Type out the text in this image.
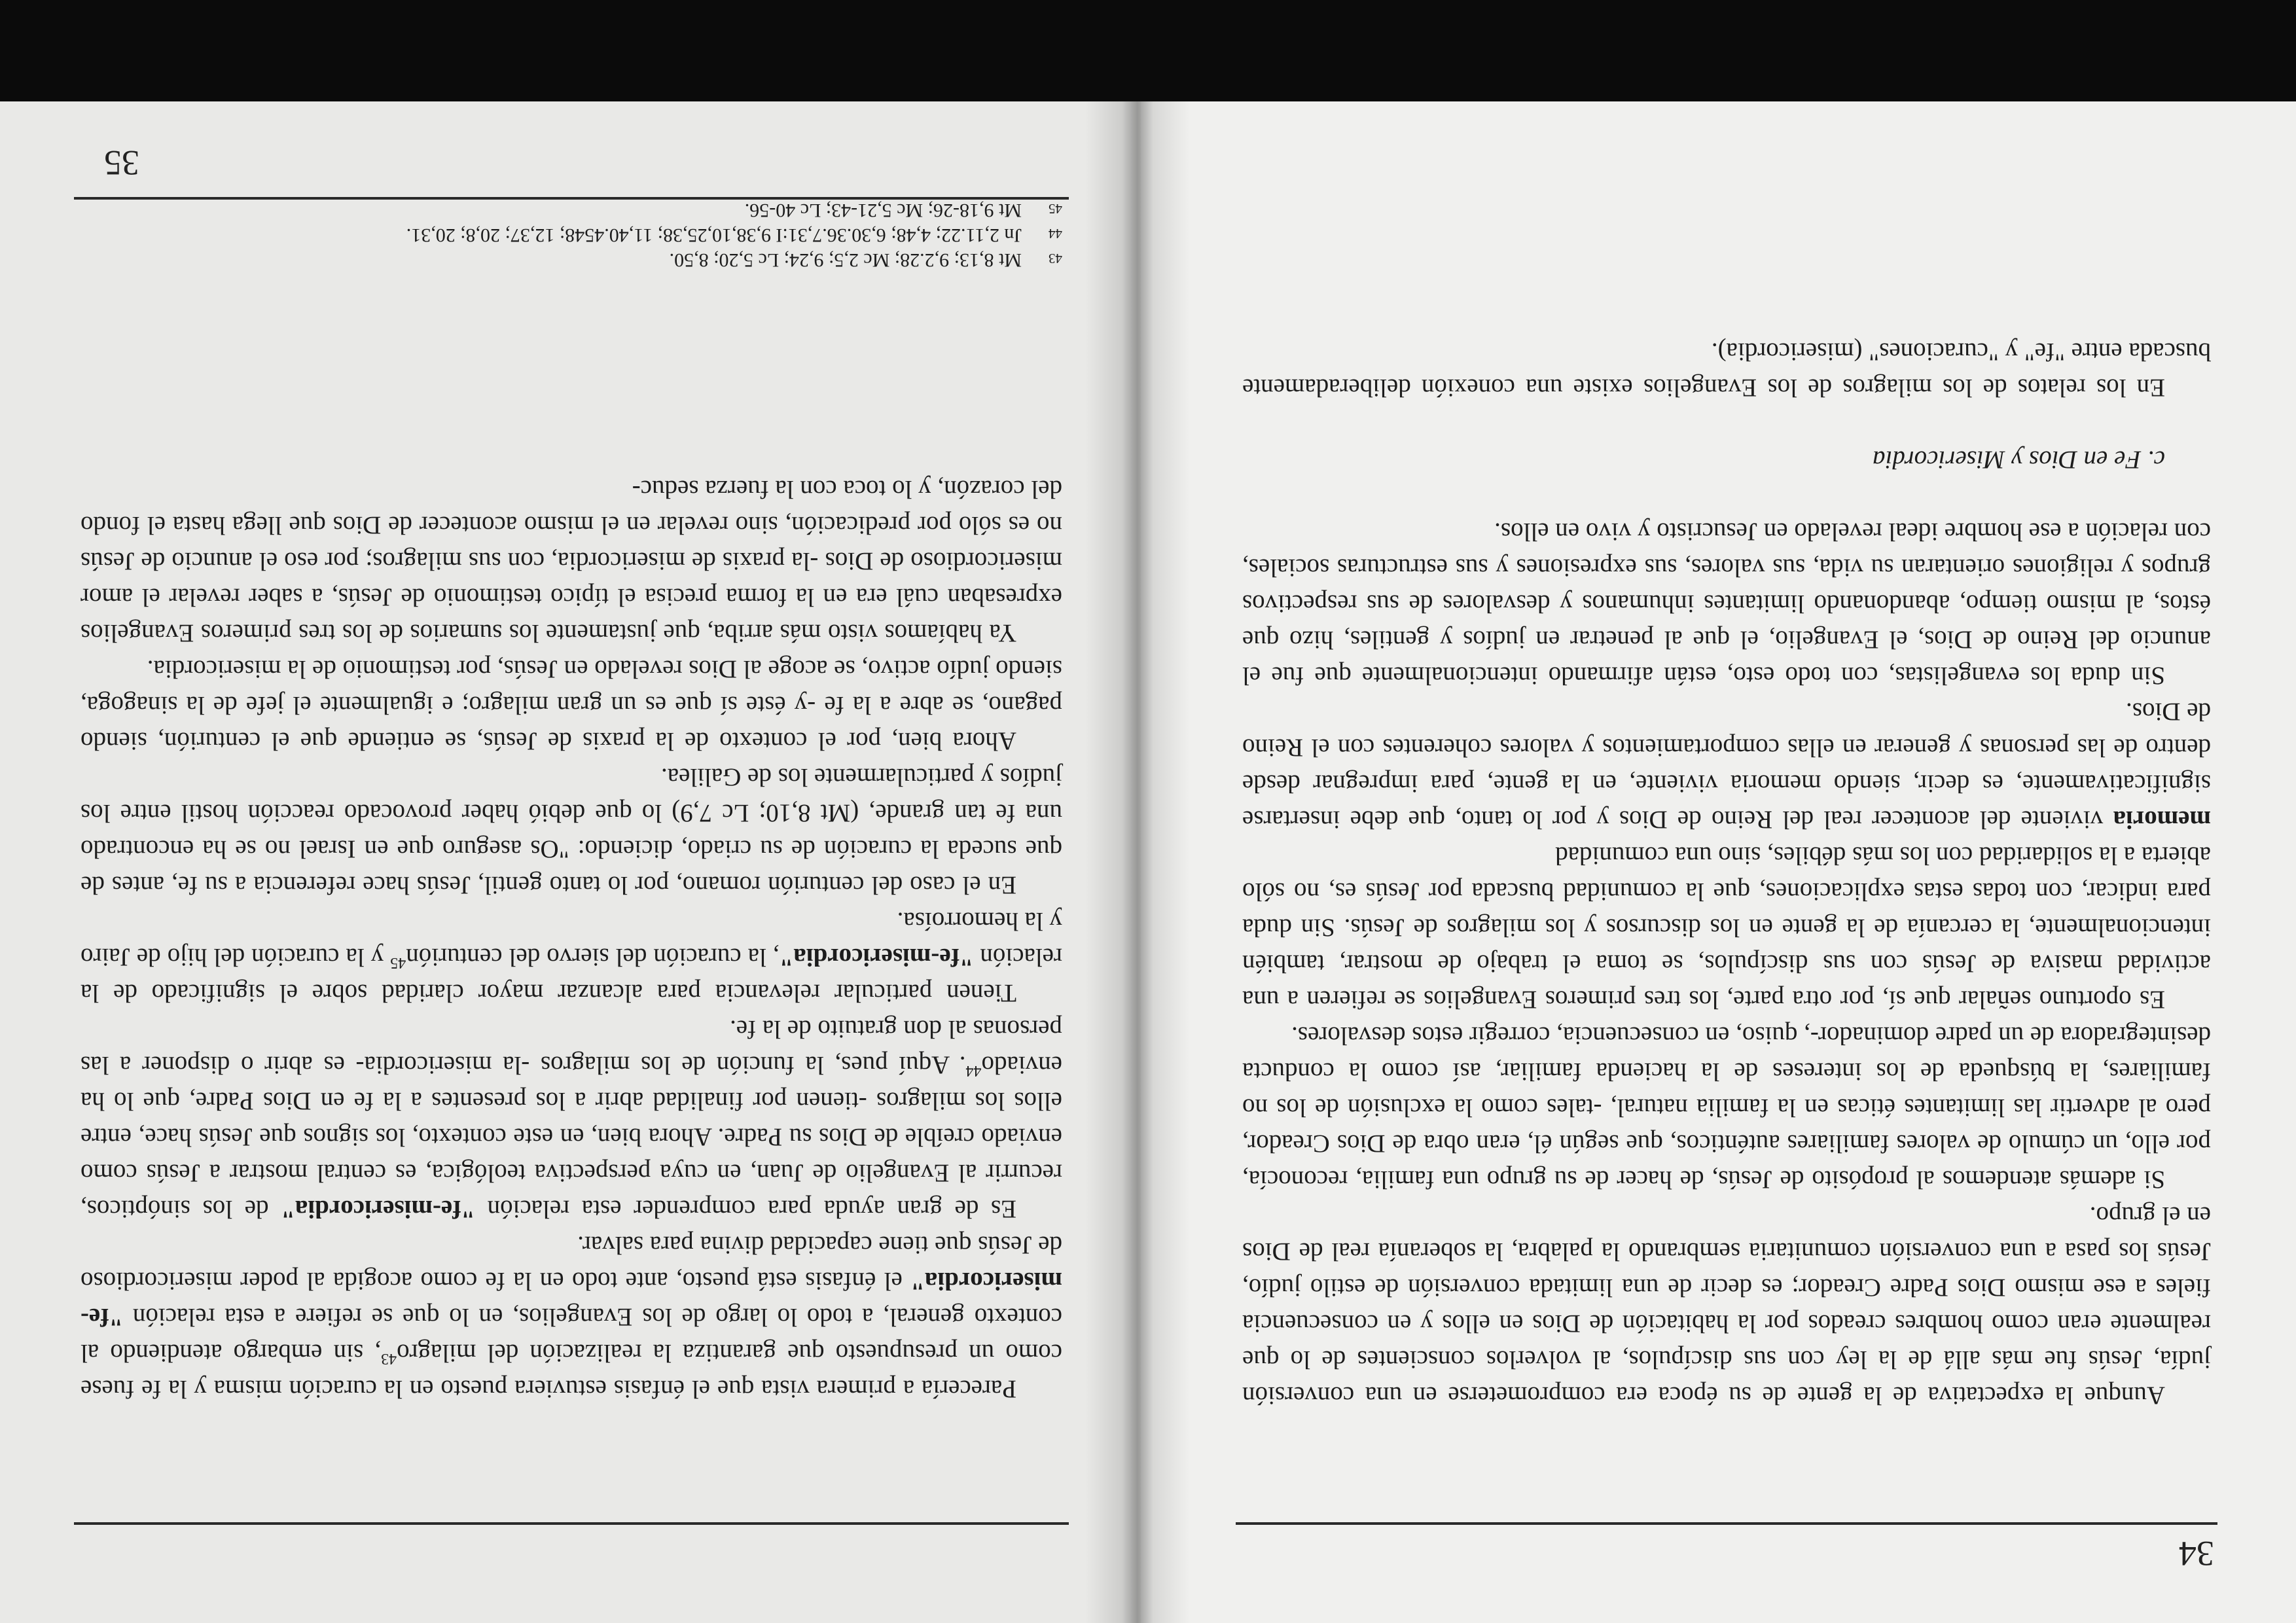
34

Aunque la expectativa de la gente de su época era comprometerse en una conversión judía, Jesús fue más allá de la ley con sus discípulos, al volverlos conscientes de lo que realmente eran como hombres creados por la habitación de Dios en ellos y en consecuencia fieles a ese mismo Dios Padre Creador; es decir de una limitada conversión de estilo judío, Jesús los pasa a una conversión comunitaria sembrando la palabra, la soberanía real de Dios en el grupo.

Si además atendemos al propósito de Jesús, de hacer de su grupo una familia, reconocía, por ello, un cúmulo de valores familiares auténticos, que según él, eran obra de Dios Creador, pero al advertir las limitantes éticas en la familia natural, -tales como la exclusión de los no familiares, la búsqueda de los intereses de la hacienda familiar, así como la conducta desintegradora de un padre dominador-, quiso, en consecuencia, corregir estos desvalores.

Es oportuno señalar que sí, por otra parte, los tres primeros Evangelios se refieren a una actividad masiva de Jesús con sus discípulos, se toma el trabajo de mostrar, también intencionalmente, la cercanía de la gente en los discursos y los milagros de Jesús. Sin duda para indicar, con todas estas explicaciones, que la comunidad buscada por Jesús es, no sólo abierta a la solidaridad con los más débiles, sino una comunidad

memoria viviente del acontecer real del Reino de Dios y por lo tanto, que debe insertarse significativamente, es decir, siendo memoria viviente, en la gente, para impregnar desde dentro de las personas y generar en ellas comportamientos y valores coherentes con el Reino de Dios.

Sin duda los evangelistas, con todo esto, están afirmando intencionalmente que fue el anuncio del Reino de Dios, el Evangelio, el que al penetrar en judíos y gentiles, hizo que éstos, al mismo tiempo, abandonando limitantes inhumanos y desvalores de sus respectivos grupos y religiones orientaran su vida, sus valores, sus expresiones y sus estructuras sociales, con relación a ese hombre ideal revelado en Jesucristo y vivo en ellos.

c. Fe en Dios y Misericordia

En los relatos de los milagros de los Evangelios existe una conexión deliberadamente buscada entre "fe" y "curaciones" (misericordia).

Parecería a primera vista que el énfasis estuviera puesto en la curación misma y la fe fuese como un presupuesto que garantiza la realización del milagro$^{43}$, sin embargo atendiendo al contexto general, a todo lo largo de los Evangelios, en lo que se refiere a esta relación "fe-misericordia" el énfasis está puesto, ante todo en la fe como acogida al poder misericordioso de Jesús que tiene capacidad divina para salvar.

Es de gran ayuda para comprender esta relación "fe-misericordia" de los sinópticos, recurrir al Evangelio de Juan, en cuya perspectiva teológica, es central mostrar a Jesús como enviado creíble de Dios su Padre. Ahora bien, en este contexto, los signos que Jesús hace, entre ellos los milagros -tienen por finalidad abrir a los presentes a la fe en Dios Padre, que lo ha enviado$^{44}$. Aquí pues, la función de los milagros -la misericordia- es abrir o disponer a las personas al don gratuito de la fe.

Tienen particular relevancia para alcanzar mayor claridad sobre el significado de la relación "fe-misericordia", la curación del siervo del centurión$^{45}$ y la curación del hijo de Jairo y la hemorroísa.

En el caso del centurión romano, por lo tanto gentil, Jesús hace referencia a su fe, antes de que suceda la curación de su criado, diciendo: "Os aseguro que en Israel no se ha encontrado una fe tan grande, (Mt 8,10; Lc 7,9) lo que debió haber provocado reacción hostil entre los judíos y particularmente los de Galilea.

Ahora bien, por el contexto de la praxis de Jesús, se entiende que el centurión, siendo pagano, se abre a la fe -y éste sí que es un gran milagro; e igualmente el jefe de la sinagoga, siendo judío activo, se acoge al Dios revelado en Jesús, por testimonio de la misericordia.

Ya habíamos visto más arriba, que justamente los sumarios de los tres primeros Evangelios expresaban cuál era en la forma precisa el típico testimonio de Jesús, a saber revelar el amor misericordioso de Dios -la praxis de misericordia, con sus milagros; por eso el anuncio de Jesús no es sólo por predicación, sino revelar en el mismo acontecer de Dios que llega hasta el fondo del corazón, y lo toca con la fuerza seduc-

43
Mt 8,13; 9,2.28; Mc 2,5; 9,24; Lc 5,20; 8,50.
44
Jn 2,11.22; 4,48; 6,30.36.7,31:I 9,38,10,25,38; 11,40.4548; 12,37; 20,8; 20,31.
45
Mt 9,18-26; Mc 5,21-43; Lc 40-56.
35
